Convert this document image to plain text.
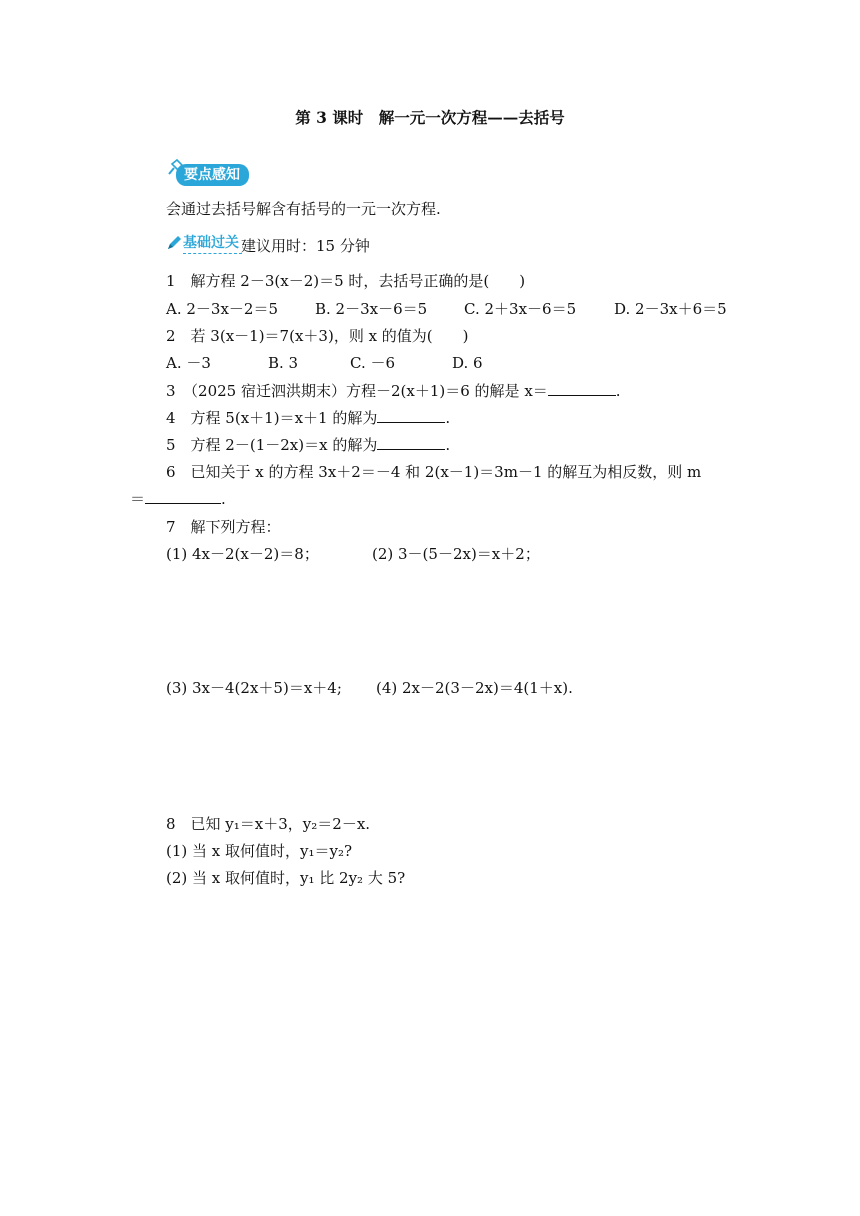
第 3 课时　解一元一次方程——去括号
要点感知
会通过去括号解含有括号的一元一次方程.
基础过关 建议用时：15 分钟
1　解方程 2－3(x－2)＝5 时，去括号正确的是(　　)
A. 2－3x－2＝5 B. 2－3x－6＝5 C. 2＋3x－6＝5	D. 2－3x＋6＝5
2　若 3(x－1)＝7(x＋3)，则 x 的值为(　　)
A. －3	B. 3	C. －6	D. 6
3　（2025 宿迁泗洪期末）方程－2(x＋1)＝6 的解是 x＝	.
4　方程 5(x＋1)＝x＋1 的解为	.
5　方程 2－(1－2x)＝x 的解为	.
6　已知关于 x 的方程 3x＋2＝－4 和 2(x－1)＝3m－1 的解互为相反数，则 m
＝	.
7　解下列方程：
(1) 4x－2(x－2)＝8；	(2) 3－(5－2x)＝x＋2；
(3) 3x－4(2x＋5)＝x＋4; (4) 2x－2(3－2x)＝4(1＋x).
8　已知 y₁＝x＋3，y₂＝2－x.
(1) 当 x 取何值时，y₁＝y₂?
(2) 当 x 取何值时，y₁ 比 2y₂ 大 5?
